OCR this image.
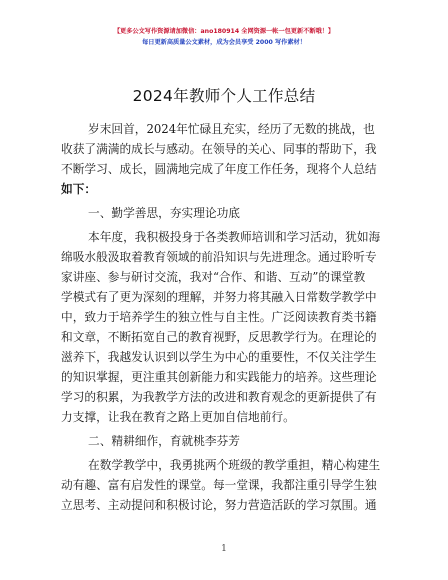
【更多公文写作资源请加微信：ano180914 全网资源一帐一包更新不断哦！】
每日更新高质量公文素材，成为会员享受 2000 写作素材！
2024年教师个人工作总结
岁末回首，2024年忙碌且充实，经历了无数的挑战，也
收获了满满的成长与感动。在领导的关心、同事的帮助下，我
不断学习、成长，圆满地完成了年度工作任务，现将个人总结
如下：
一、勤学善思，夯实理论功底
本年度，我积极投身于各类教师培训和学习活动，犹如海
绵吸水般汲取着教育领域的前沿知识与先进理念。通过聆听专
家讲座、参与研讨交流，我对“合作、和谐、互动”的课堂教
学模式有了更为深刻的理解，并努力将其融入日常数学教学中
中，致力于培养学生的独立性与自主性。广泛阅读教育类书籍
和文章，不断拓宽自己的教育视野，反思教学行为。在理论的
滋养下，我越发认识到以学生为中心的重要性，不仅关注学生
的知识掌握，更注重其创新能力和实践能力的培养。这些理论
学习的积累，为我教学方法的改进和教育观念的更新提供了有
力支撑，让我在教育之路上更加自信地前行。
二、精耕细作，育就桃李芬芳
在数学教学中，我勇挑两个班级的教学重担，精心构建生
动有趣、富有启发性的课堂。每一堂课，我都注重引导学生独
立思考、主动提问和积极讨论，努力营造活跃的学习氛围。通
1
